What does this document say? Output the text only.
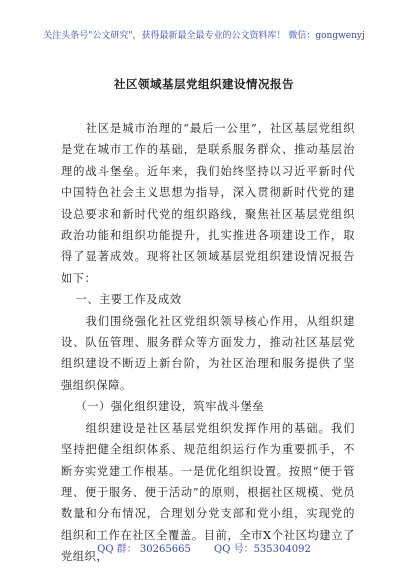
关注头条号"公文研究"，获得最新最全最专业的公文资料库！ 微信：gongwenyj
社区领域基层党组织建设情况报告

社区是城市治理的“最后一公里”，社区基层党组织是党在城市工作的基础，是联系服务群众、推动基层治理的战斗堡垒。近年来，我们始终坚持以习近平新时代中国特色社会主义思想为指导，深入贯彻新时代党的建设总要求和新时代党的组织路线，聚焦社区基层党组织政治功能和组织功能提升，扎实推进各项建设工作，取得了显著成效。现将社区领域基层党组织建设情况报告如下：

一、主要工作及成效

我们围绕强化社区党组织领导核心作用，从组织建设、队伍管理、服务群众等方面发力，推动社区基层党组织建设不断迈上新台阶，为社区治理和服务提供了坚强组织保障。

（一）强化组织建设，筑牢战斗堡垒

组织建设是社区基层党组织发挥作用的基础。我们坚持把健全组织体系、规范组织运行作为重要抓手，不断夯实党建工作根基。一是优化组织设置。按照“便于管理、便于服务、便于活动”的原则，根据社区规模、党员数量和分布情况，合理划分党支部和党小组，实现党的组织和工作在社区全覆盖。目前，全市X个社区均建立了党组织，

QQ 群： 30265665 QQ 号：535304092
